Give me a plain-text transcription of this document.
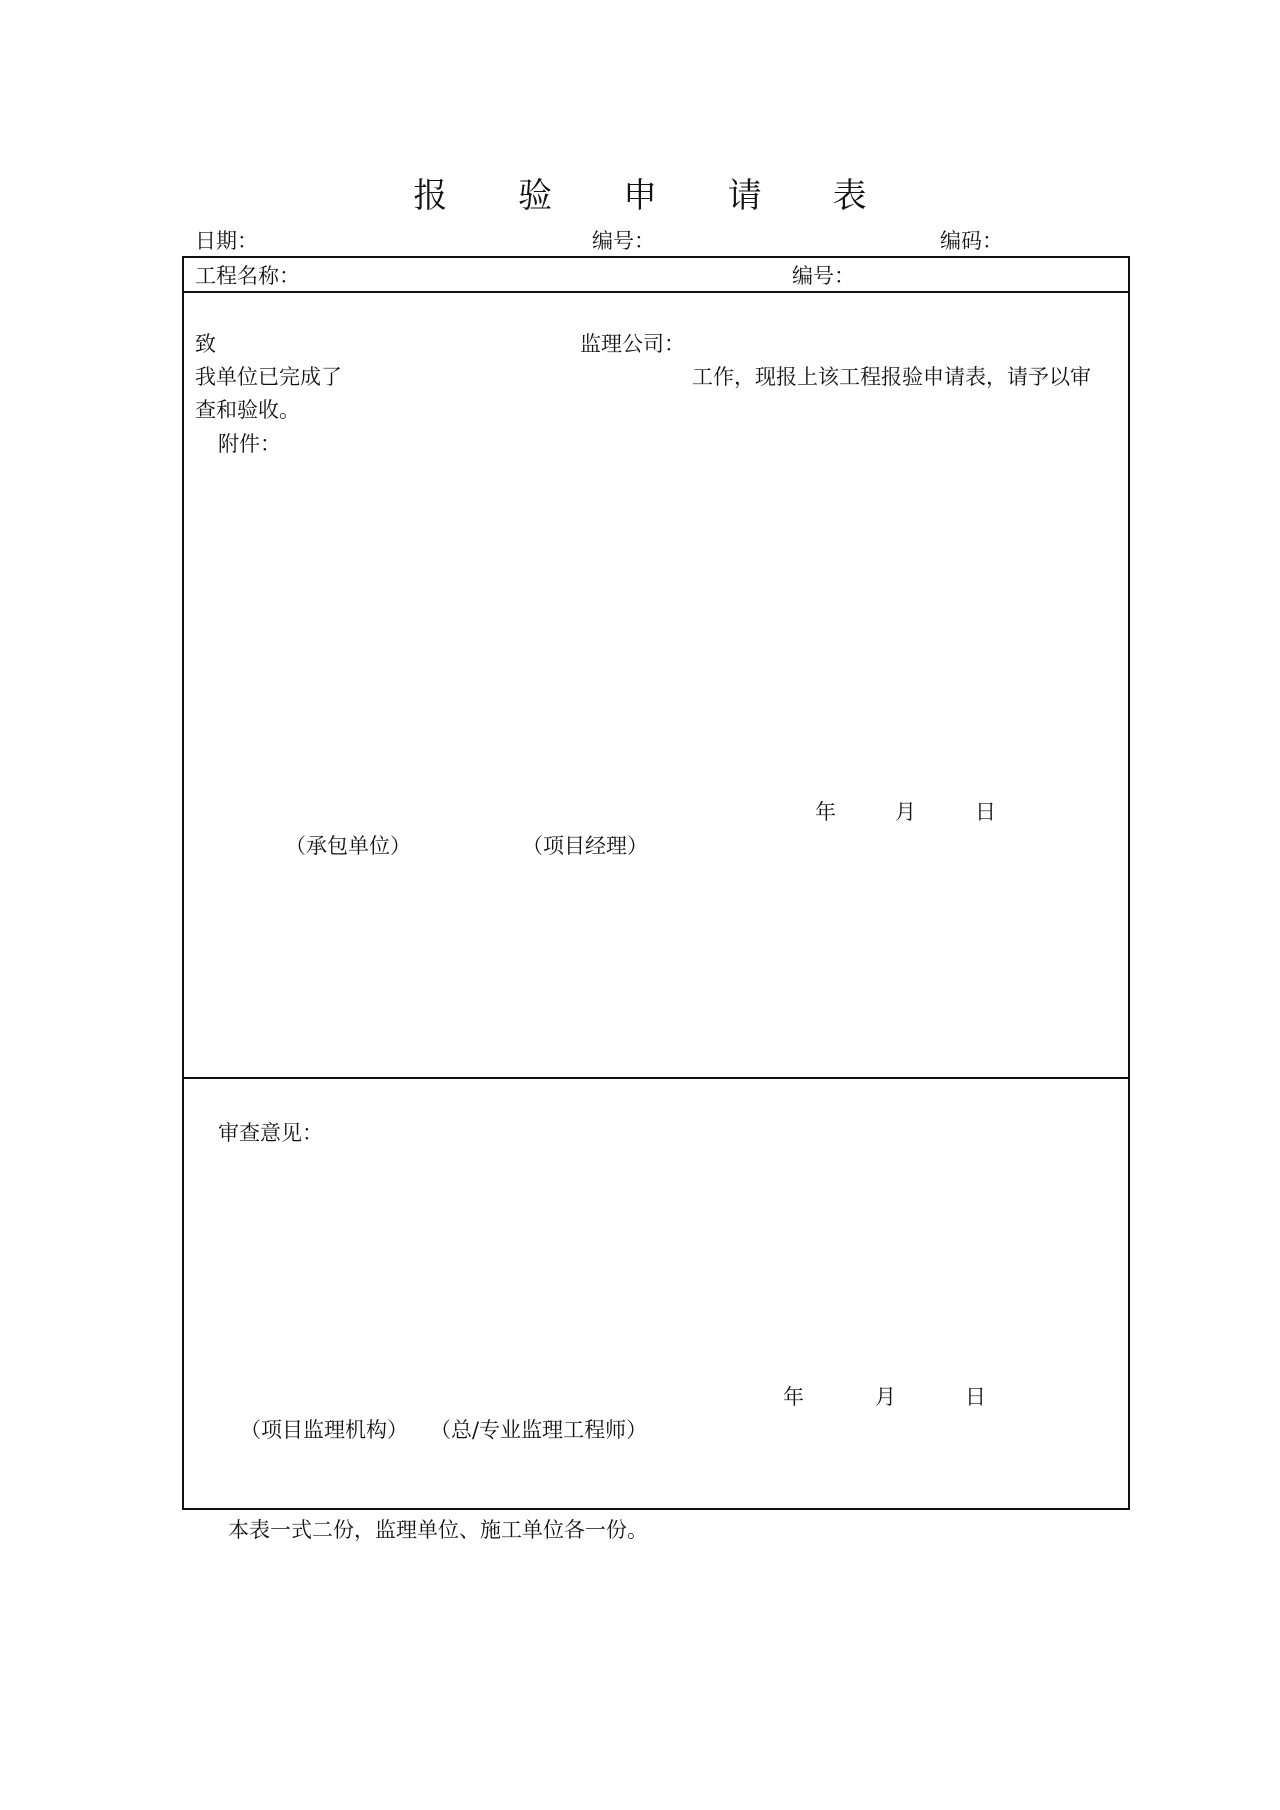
报 验 申 请 表
日期：	编号：	编码：
工程名称：	编号：
致	监理公司：
我单位已完成了	工作，现报上该工程报验申请表，请予以审
查和验收。
附件：
年	月	日
（承包单位）	（项目经理）
审查意见：
年	月	日
（项目监理机构） （总/专业监理工程师）
本表一式二份，监理单位、施工单位各一份。
